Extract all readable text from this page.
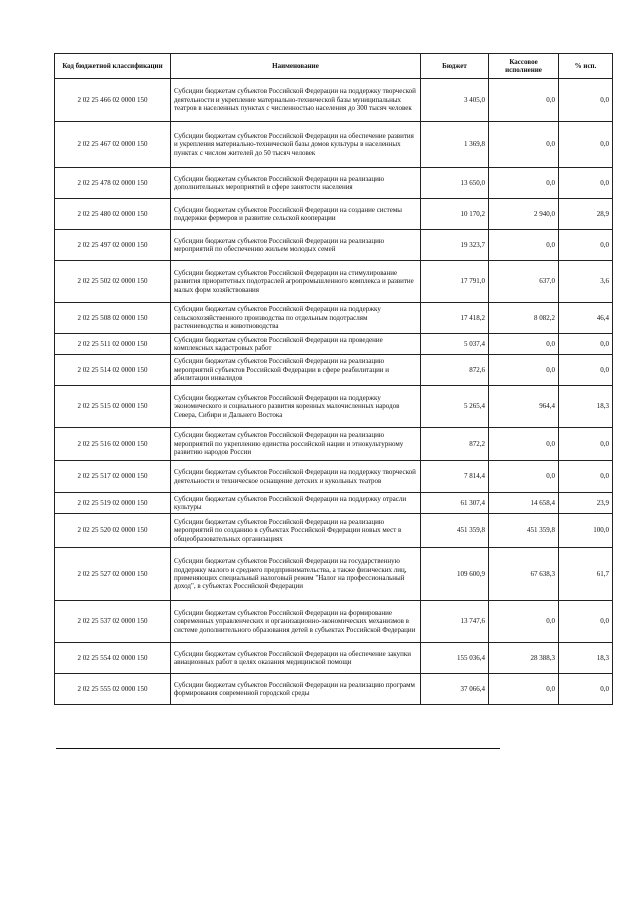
Код бюджетной классификации	Наименование	Бюджет	Кассовое исполнение	% исп.
2 02 25 466 02 0000 150	Субсидии бюджетам субъектов Российской Федерации на поддержку творческой деятельности и укрепление материально-технической базы муниципальных театров в населенных пунктах с численностью населения до 300 тысяч человек	3 405,0	0,0	0,0
2 02 25 467 02 0000 150	Субсидии бюджетам субъектов Российской Федерации на обеспечение развития и укрепления материально-технической базы домов культуры в населенных пунктах с числом жителей до 50 тысяч человек	1 369,8	0,0	0,0
2 02 25 478 02 0000 150	Субсидии бюджетам субъектов Российской Федерации на реализацию дополнительных мероприятий в сфере занятости населения	13 650,0	0,0	0,0
2 02 25 480 02 0000 150	Субсидии бюджетам субъектов Российской Федерации на создание системы поддержки фермеров и развитие сельской кооперации	10 170,2	2 940,0	28,9
2 02 25 497 02 0000 150	Субсидии бюджетам субъектов Российской Федерации на реализацию мероприятий по обеспечению жильем молодых семей	19 323,7	0,0	0,0
2 02 25 502 02 0000 150	Субсидии бюджетам субъектов Российской Федерации на стимулирование развития приоритетных подотраслей агропромышленного комплекса и развитие малых форм хозяйствования	17 791,0	637,0	3,6
2 02 25 508 02 0000 150	Субсидии бюджетам субъектов Российской Федерации на поддержку сельскохозяйственного производства по отдельным подотраслям растениеводства и животноводства	17 418,2	8 082,2	46,4
2 02 25 511 02 0000 150	Субсидии бюджетам субъектов Российской Федерации на проведение комплексных кадастровых работ	5 037,4	0,0	0,0
2 02 25 514 02 0000 150	Субсидии бюджетам субъектов Российской Федерации на реализацию мероприятий субъектов Российской Федерации в сфере реабилитации и абилитации инвалидов	872,6	0,0	0,0
2 02 25 515 02 0000 150	Субсидии бюджетам субъектов Российской Федерации на поддержку экономического и социального развития коренных малочисленных народов Севера, Сибири и Дальнего Востока	5 265,4	964,4	18,3
2 02 25 516 02 0000 150	Субсидии бюджетам субъектов Российской Федерации на реализацию мероприятий по укреплению единства российской нации и этнокультурному развитию народов России	872,2	0,0	0,0
2 02 25 517 02 0000 150	Субсидии бюджетам субъектов Российской Федерации на поддержку творческой деятельности и техническое оснащение детских и кукольных театров	7 814,4	0,0	0,0
2 02 25 519 02 0000 150	Субсидии бюджетам субъектов Российской Федерации на поддержку отрасли культуры	61 307,4	14 658,4	23,9
2 02 25 520 02 0000 150	Субсидии бюджетам субъектов Российской Федерации на реализацию мероприятий по созданию в субъектах Российской Федерации новых мест в общеобразовательных организациях	451 359,8	451 359,8	100,0
2 02 25 527 02 0000 150	Субсидии бюджетам субъектов Российской Федерации на государственную поддержку малого и среднего предпринимательства, а также физических лиц, применяющих специальный налоговый режим "Налог на профессиональный доход", в субъектах Российской Федерации	109 600,9	67 638,3	61,7
2 02 25 537 02 0000 150	Субсидии бюджетам субъектов Российской Федерации на формирование современных управленческих и организационно-экономических механизмов в системе дополнительного образования детей в субъектах Российской Федерации	13 747,6	0,0	0,0
2 02 25 554 02 0000 150	Субсидии бюджетам субъектов Российской Федерации на обеспечение закупки авиационных работ в целях оказания медицинской помощи	155 036,4	28 388,3	18,3
2 02 25 555 02 0000 150	Субсидии бюджетам субъектов Российской Федерации на реализацию программ формирования современной городской среды	37 066,4	0,0	0,0
